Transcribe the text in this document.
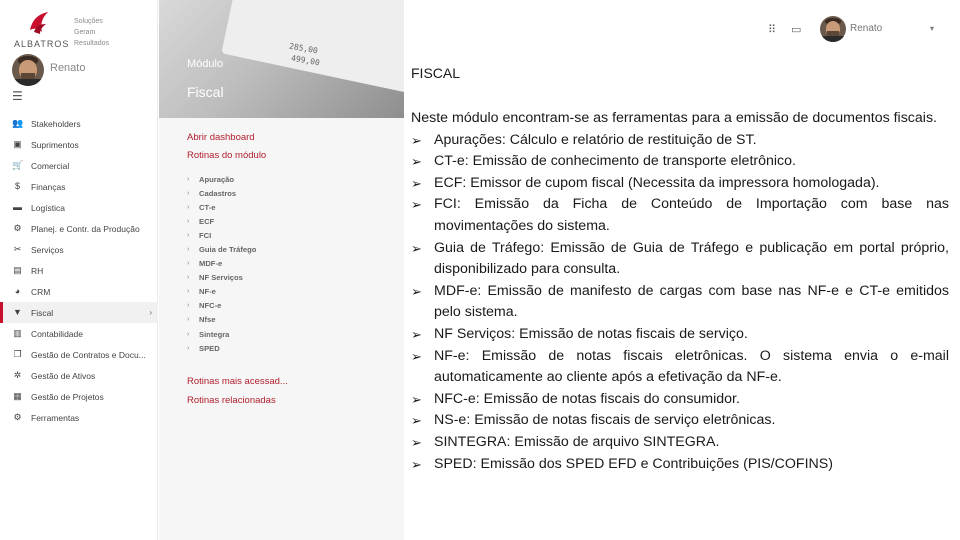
ALBATROS
Soluções
Geram
Resultados
Renato
☰
👥 Stakeholders
▣ Suprimentos
🛒 Comercial
$	Finanças
▬ Logística
⚙ Planej. e Contr. da Produção
✂ Serviços
▤ RH
◕	CRM
▼ Fiscal	›
▥ Contabilidade
❐ Gestão de Contratos e Docu...
✲ Gestão de Ativos
▦ Gestão de Projetos
⚙ Ferramentas
285,00
499,00
Módulo
Fiscal
Abrir dashboard
Rotinas do módulo
›	Apuração
›	Cadastros
›	CT-e
›	ECF
›	FCI
›	Guia de Tráfego
›	MDF-e
›	NF Serviços
›	NF-e
›	NFC-e
›	Nfse
›	Sintegra
›	SPED
Rotinas mais acessad...
Rotinas relacionadas
⠿	▭	Renato	▾
FISCAL

Neste módulo encontram-se as ferramentas para a emissão de documentos fiscais.

➢ Apurações: Cálculo e relatório de restituição de ST.
➢ CT-e: Emissão de conhecimento de transporte eletrônico.
➢ ECF: Emissor de cupom fiscal (Necessita da impressora homologada).
➢ FCI: Emissão da Ficha de Conteúdo de Importação com base nas movimentações do sistema.
➢ Guia de Tráfego: Emissão de Guia de Tráfego e publicação em portal próprio, disponibilizado para consulta.
➢ MDF-e: Emissão de manifesto de cargas com base nas NF-e e CT-e emitidos pelo sistema.
➢ NF Serviços: Emissão de notas fiscais de serviço.
➢ NF-e: Emissão de notas fiscais eletrônicas. O sistema envia o e-mail automaticamente ao cliente após a efetivação da NF-e.
➢ NFC-e: Emissão de notas fiscais do consumidor.
➢ NS-e: Emissão de notas fiscais de serviço eletrônicas.
➢ SINTEGRA: Emissão de arquivo SINTEGRA.
➢ SPED: Emissão dos SPED EFD e Contribuições (PIS/COFINS)
